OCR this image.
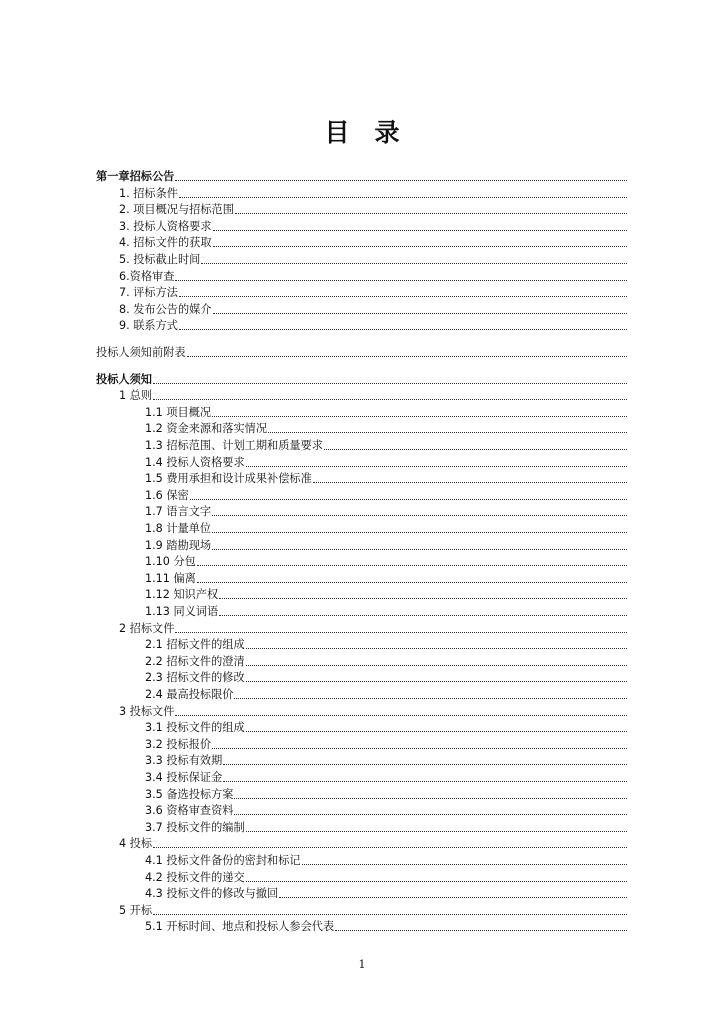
目　录
第一章招标公告
1. 招标条件
2. 项目概况与招标范围
3. 投标人资格要求
4. 招标文件的获取
5. 投标截止时间
6.资格审查
7. 评标方法
8. 发布公告的媒介
9. 联系方式
投标人须知前附表
投标人须知
1 总则
1.1 项目概况
1.2 资金来源和落实情况
1.3 招标范围、计划工期和质量要求
1.4 投标人资格要求
1.5 费用承担和设计成果补偿标准
1.6 保密
1.7 语言文字
1.8 计量单位
1.9 踏勘现场
1.10 分包
1.11 偏离
1.12 知识产权
1.13 同义词语
2 招标文件
2.1 招标文件的组成
2.2 招标文件的澄清
2.3 招标文件的修改
2.4 最高投标限价
3 投标文件
3.1 投标文件的组成
3.2 投标报价
3.3 投标有效期
3.4 投标保证金
3.5 备选投标方案
3.6 资格审查资料
3.7 投标文件的编制
4 投标
4.1 投标文件备份的密封和标记
4.2 投标文件的递交
4.3 投标文件的修改与撤回
5 开标
5.1 开标时间、地点和投标人参会代表
1
